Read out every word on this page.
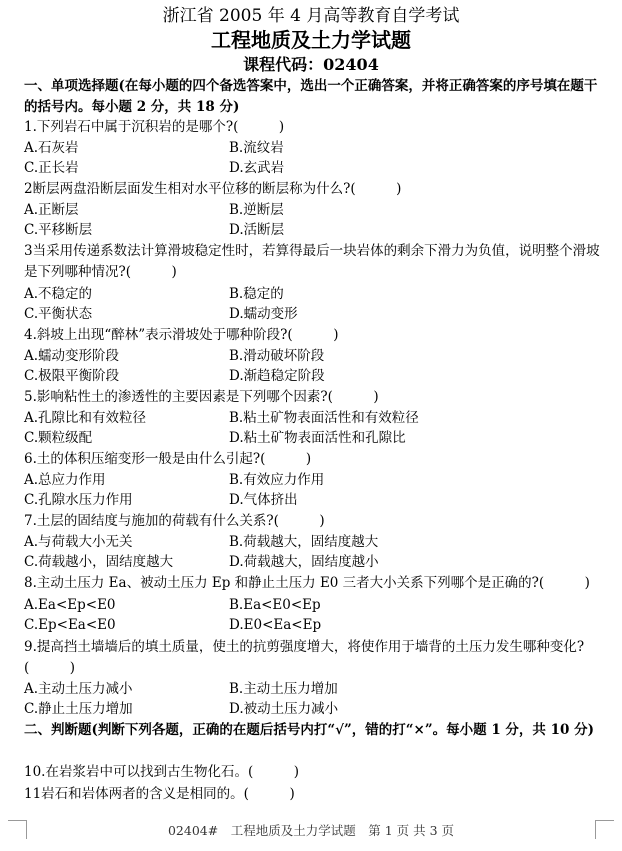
浙江省 2005 年 4 月高等教育自学考试
工程地质及土力学试题
课程代码：02404
一、单项选择题(在每小题的四个备选答案中，选出一个正确答案，并将正确答案的序号填在题干的括号内。每小题 2 分，共 18 分)
1.下列岩石中属于沉积岩的是哪个?(　　　)
A.石灰岩	B.流纹岩
C.正长岩	D.玄武岩
2断层两盘沿断层面发生相对水平位移的断层称为什么?(　　　)
A.正断层	B.逆断层
C.平移断层	D.活断层
3当采用传递系数法计算滑坡稳定性时，若算得最后一块岩体的剩余下滑力为负值，说明整个滑坡是下列哪种情况?(　　　)
A.不稳定的	B.稳定的
C.平衡状态	D.蠕动变形
4.斜坡上出现“醉林”表示滑坡处于哪种阶段?(　　　)
A.蠕动变形阶段	B.滑动破坏阶段
C.极限平衡阶段	D.渐趋稳定阶段
5.影响粘性土的渗透性的主要因素是下列哪个因素?(　　　)
A.孔隙比和有效粒径	B.粘土矿物表面活性和有效粒径
C.颗粒级配	D.粘土矿物表面活性和孔隙比
6.土的体积压缩变形一般是由什么引起?(　　　)
A.总应力作用	B.有效应力作用
C.孔隙水压力作用	D.气体挤出
7.土层的固结度与施加的荷载有什么关系?(　　　)
A.与荷载大小无关	B.荷载越大，固结度越大
C.荷载越小，固结度越大	D.荷载越大，固结度越小
8.主动土压力 Ea、被动土压力 Ep 和静止土压力 E0 三者大小关系下列哪个是正确的?(　　　)
A.Ea<Ep<E0	B.Ea<E0<Ep
C.Ep<Ea<E0	D.E0<Ea<Ep
9.提高挡土墙墙后的填土质量，使土的抗剪强度增大，将使作用于墙背的土压力发生哪种变化?(　　　)
A.主动土压力减小	B.主动土压力增加
C.静止土压力增加	D.被动土压力减小
二、判断题(判断下列各题，正确的在题后括号内打“√”，错的打“×”。每小题 1 分，共 10 分)
10.在岩浆岩中可以找到古生物化石。(　　　)
11岩石和岩体两者的含义是相同的。(　　　)
02404#　工程地质及土力学试题　第 1 页 共 3 页
